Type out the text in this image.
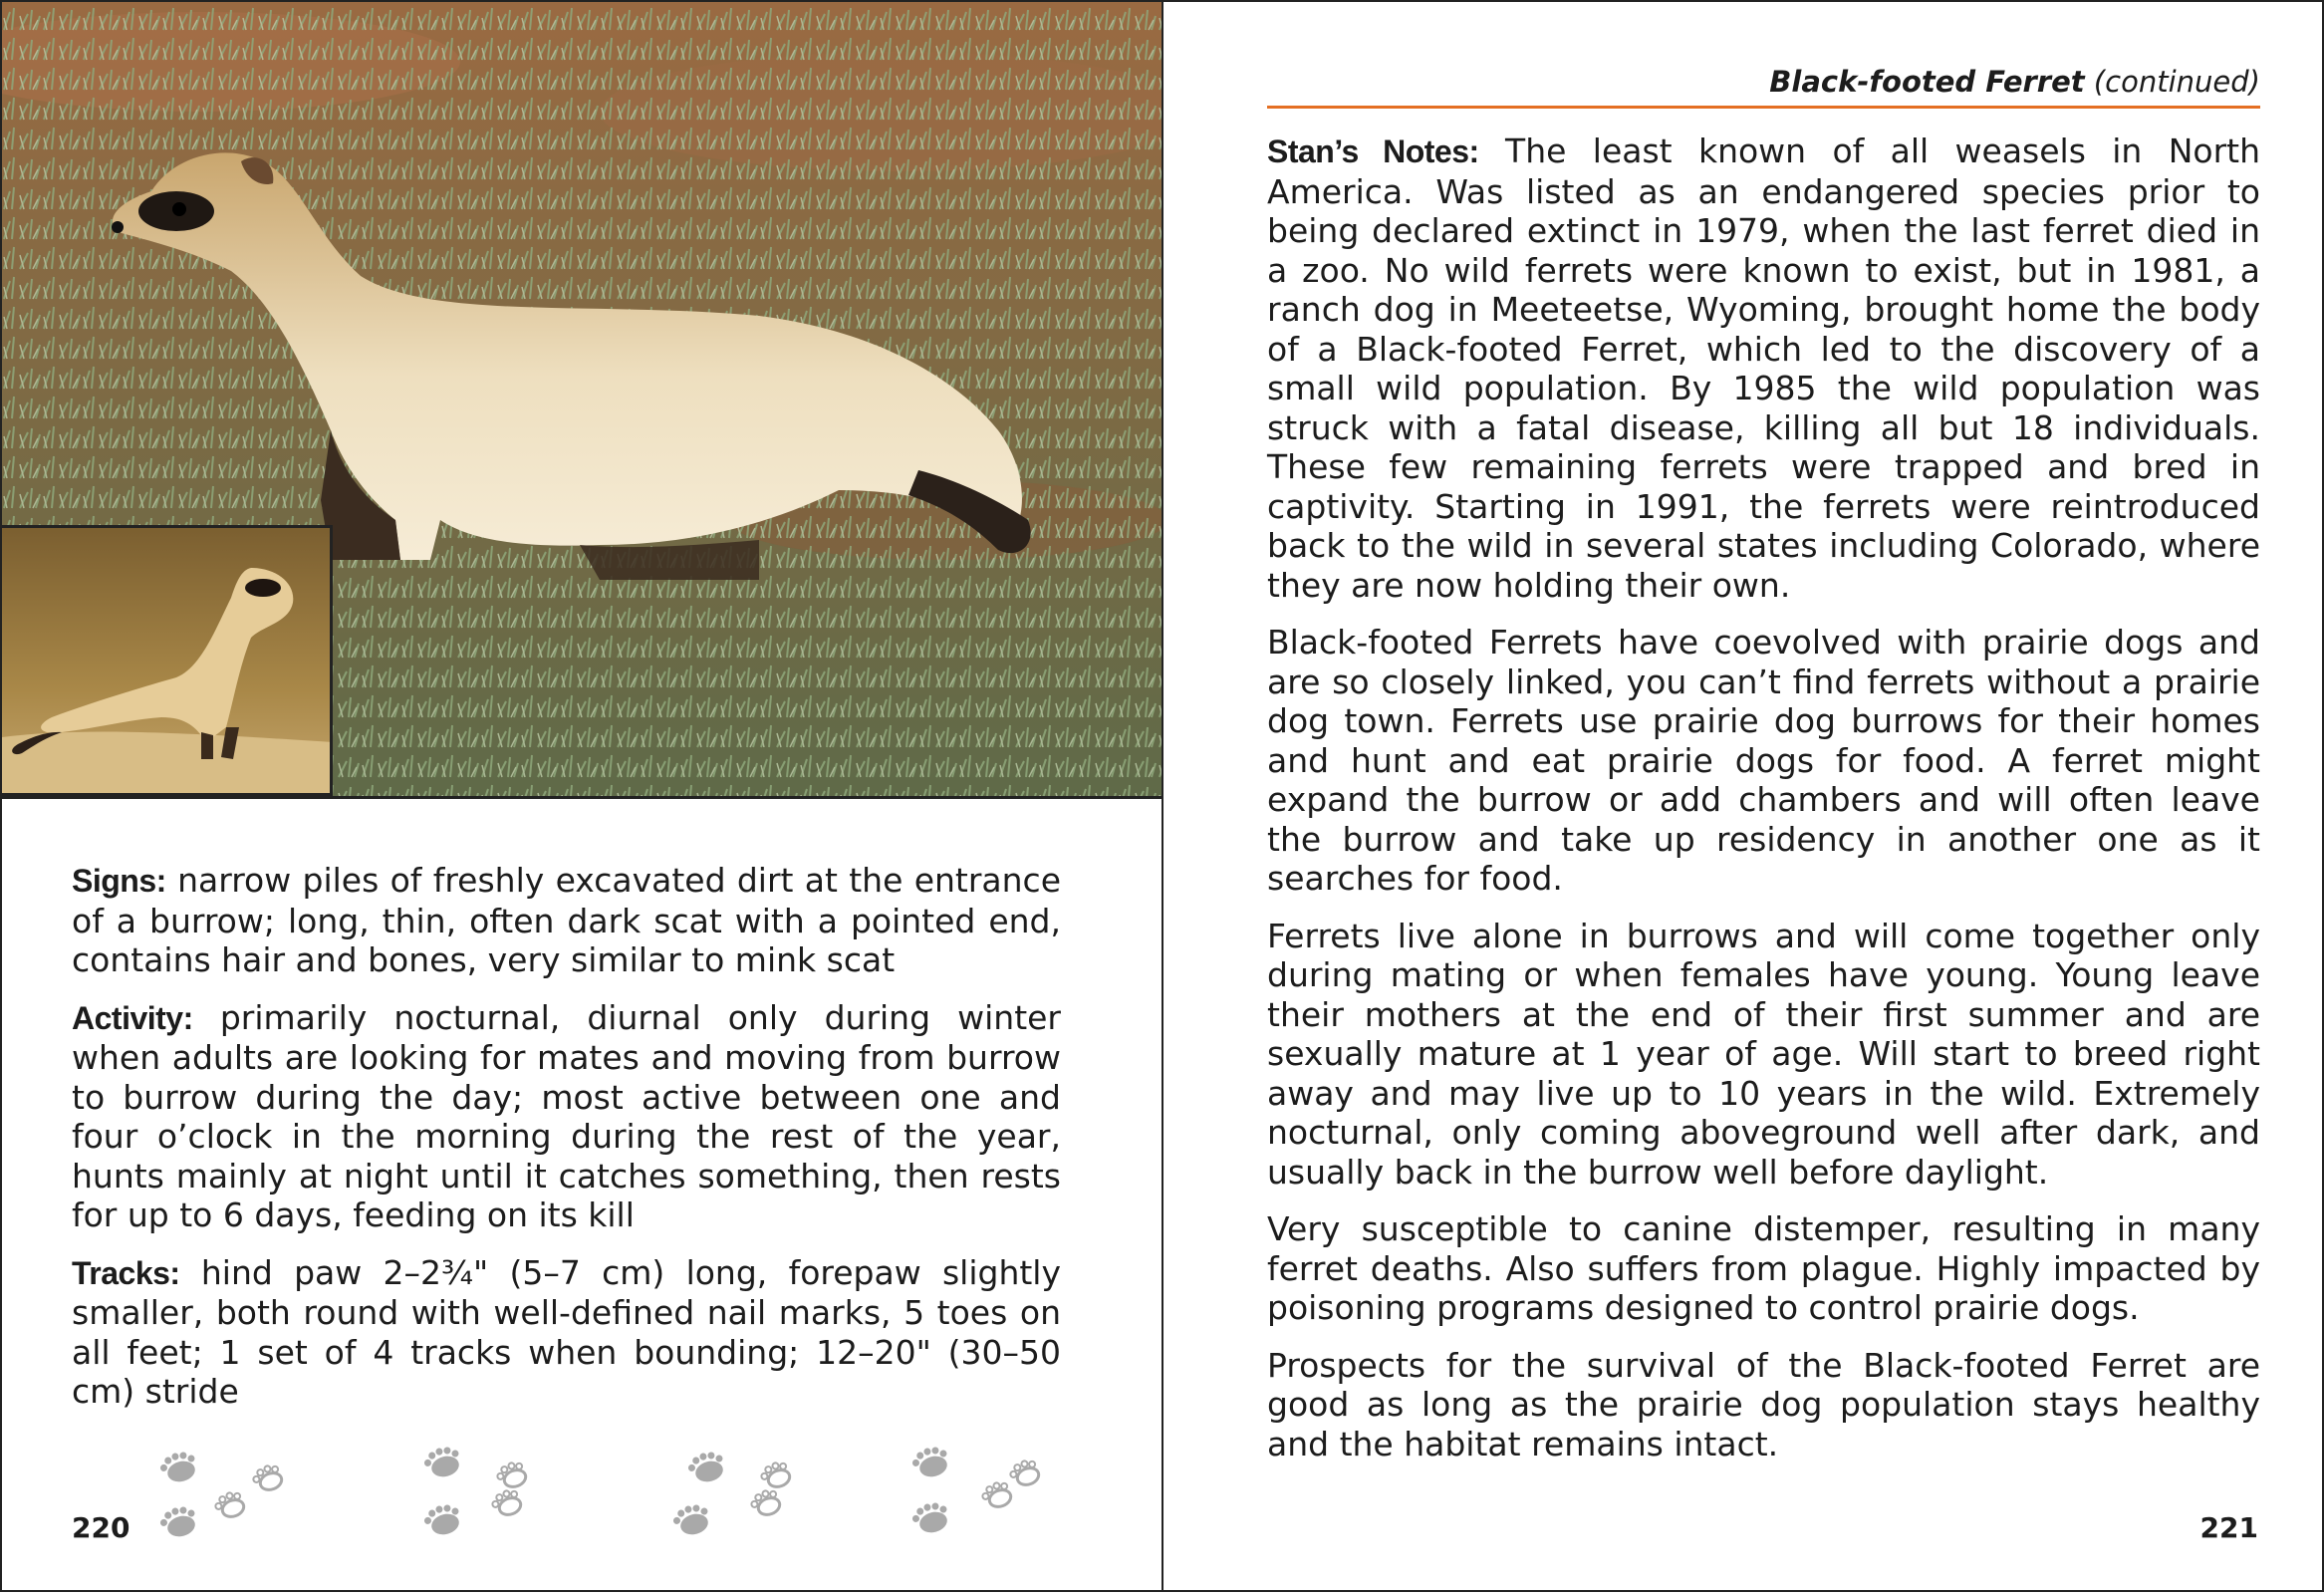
Signs: narrow piles of freshly excavated dirt at the entrance of a burrow; long, thin, often dark scat with a pointed end, contains hair and bones, very similar to mink scat

Activity: primarily nocturnal, diurnal only during winter when adults are looking for mates and moving from burrow to burrow during the day; most active between one and four o’clock in the morning during the rest of the year, hunts mainly at night until it catches something, then rests for up to 6 days, feeding on its kill

Tracks: hind paw 2–2¾" (5–7 cm) long, forepaw slightly smaller, both round with well-defined nail marks, 5 toes on all feet; 1 set of 4 tracks when bounding; 12–20" (30–50 cm) stride

220
Black-footed Ferret (continued)

Stan’s Notes: The least known of all weasels in North America. Was listed as an endangered species prior to being declared extinct in 1979, when the last ferret died in a zoo. No wild ferrets were known to exist, but in 1981, a ranch dog in Meeteetse, Wyoming, brought home the body of a Black-footed Ferret, which led to the discovery of a small wild population. By 1985 the wild population was struck with a fatal disease, killing all but 18 individuals. These few remaining ferrets were trapped and bred in captivity. Starting in 1991, the ferrets were reintroduced back to the wild in several states including Colorado, where they are now holding their own.

Black-footed Ferrets have coevolved with prairie dogs and are so closely linked, you can’t find ferrets without a prairie dog town. Ferrets use prairie dog burrows for their homes and hunt and eat prairie dogs for food. A ferret might expand the burrow or add chambers and will often leave the burrow and take up residency in another one as it searches for food.

Ferrets live alone in burrows and will come together only during mating or when females have young. Young leave their mothers at the end of their first summer and are sexually mature at 1 year of age. Will start to breed right away and may live up to 10 years in the wild. Extremely nocturnal, only coming aboveground well after dark, and usually back in the burrow well before daylight.

Very susceptible to canine distemper, resulting in many ferret deaths. Also suffers from plague. Highly impacted by poisoning programs designed to control prairie dogs.

Prospects for the survival of the Black-footed Ferret are good as long as the prairie dog population stays healthy and the habitat remains intact.

221
